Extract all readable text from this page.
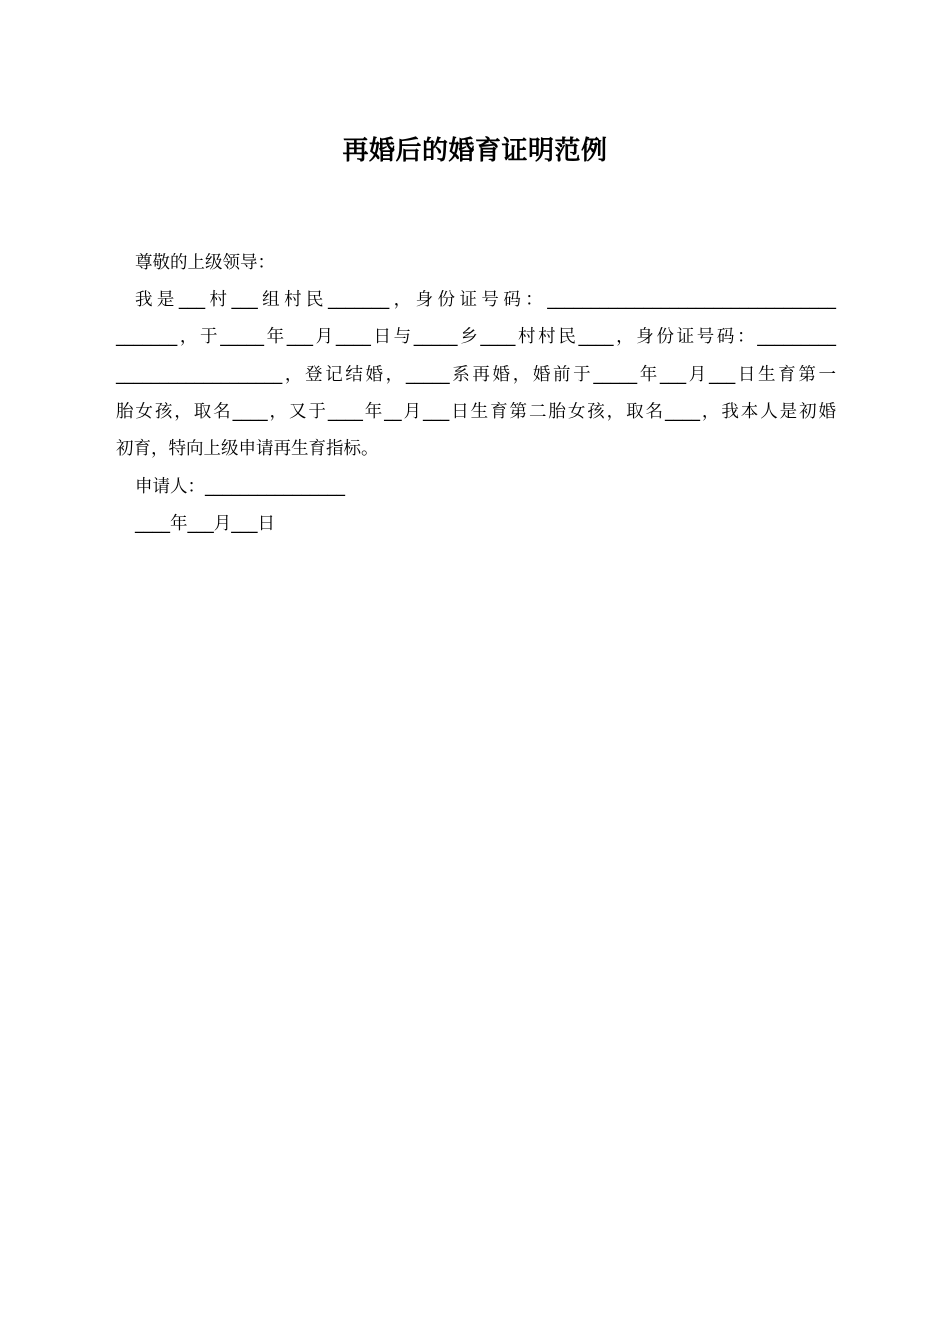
再婚后的婚育证明范例
尊敬的上级领导：
我是___村___组村民_______，身份证号码：_________________________________
_______，于_____年___月____日与_____乡____村村民____，身份证号码：_________
___________________，登记结婚，_____系再婚，婚前于_____年___月___日生育第一
胎女孩，取名____，又于____年__月___日生育第二胎女孩，取名____，我本人是初婚
初育，特向上级申请再生育指标。
申请人：________________
____年___月___日
